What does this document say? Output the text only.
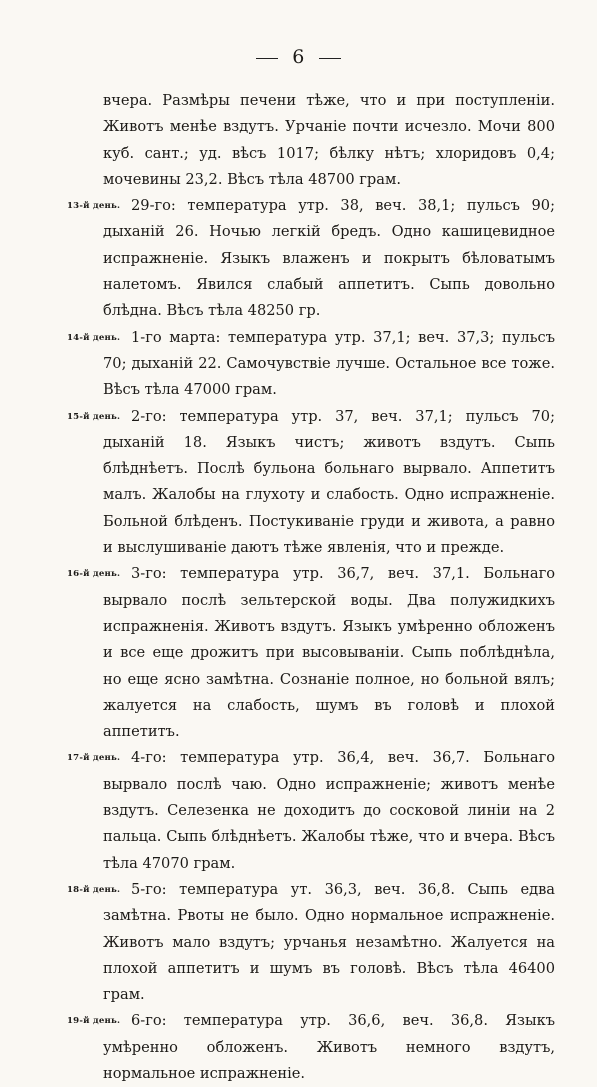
6

вчера. Размѣры печени тѣже, что и при поступленіи. Животъ менѣе вздутъ. Урчаніе почти исчезло. Мочи 800 куб. сант.; уд. вѣсъ 1017; бѣлку нѣтъ; хлоридовъ 0,4; мочевины 23,2. Вѣсъ тѣла 48700 грам.

13-й день. 29-го: температура утр. 38, веч. 38,1; пульсъ 90; дыханій 26. Ночью легкій бредъ. Одно кашицевидное испражненіе. Языкъ влаженъ и покрытъ бѣловатымъ налетомъ. Явился слабый аппетитъ. Сыпь довольно блѣдна. Вѣсъ тѣла 48250 гр.

14-й день. 1-го марта: температура утр. 37,1; веч. 37,3; пульсъ 70; дыханій 22. Самочувствіе лучше. Остальное все тоже. Вѣсъ тѣла 47000 грам.

15-й день. 2-го: температура утр. 37, веч. 37,1; пульсъ 70; дыханій 18. Языкъ чистъ; животъ вздутъ. Сыпь блѣднѣетъ. Послѣ бульона больнаго вырвало. Аппетитъ малъ. Жалобы на глухоту и слабость. Одно испражненіе. Больной блѣденъ. Постукиваніе груди и живота, а равно и выслушиваніе даютъ тѣже явленія, что и прежде.

16-й день. 3-го: температура утр. 36,7, веч. 37,1. Больнаго вырвало послѣ зельтерской воды. Два полужидкихъ испражненія. Животъ вздутъ. Языкъ умѣренно обложенъ и все еще дрожитъ при высовываніи. Сыпь поблѣднѣла, но еще ясно замѣтна. Сознаніе полное, но больной вялъ; жалуется на слабость, шумъ въ головѣ и плохой аппетитъ.

17-й день. 4-го: температура утр. 36,4, веч. 36,7. Больнаго вырвало послѣ чаю. Одно испражненіе; животъ менѣе вздутъ. Селезенка не доходитъ до сосковой линіи на 2 пальца. Сыпь блѣднѣетъ. Жалобы тѣже, что и вчера. Вѣсъ тѣла 47070 грам.

18-й день. 5-го: температура ут. 36,3, веч. 36,8. Сыпь едва замѣтна. Рвоты не было. Одно нормальное испражненіе. Животъ мало вздутъ; урчанья незамѣтно. Жалуется на плохой аппетитъ и шумъ въ головѣ. Вѣсъ тѣла 46400 грам.

19-й день. 6-го: температура утр. 36,6, веч. 36,8. Языкъ умѣренно обложенъ. Животъ немного вздутъ, нормальное испражненіе.
